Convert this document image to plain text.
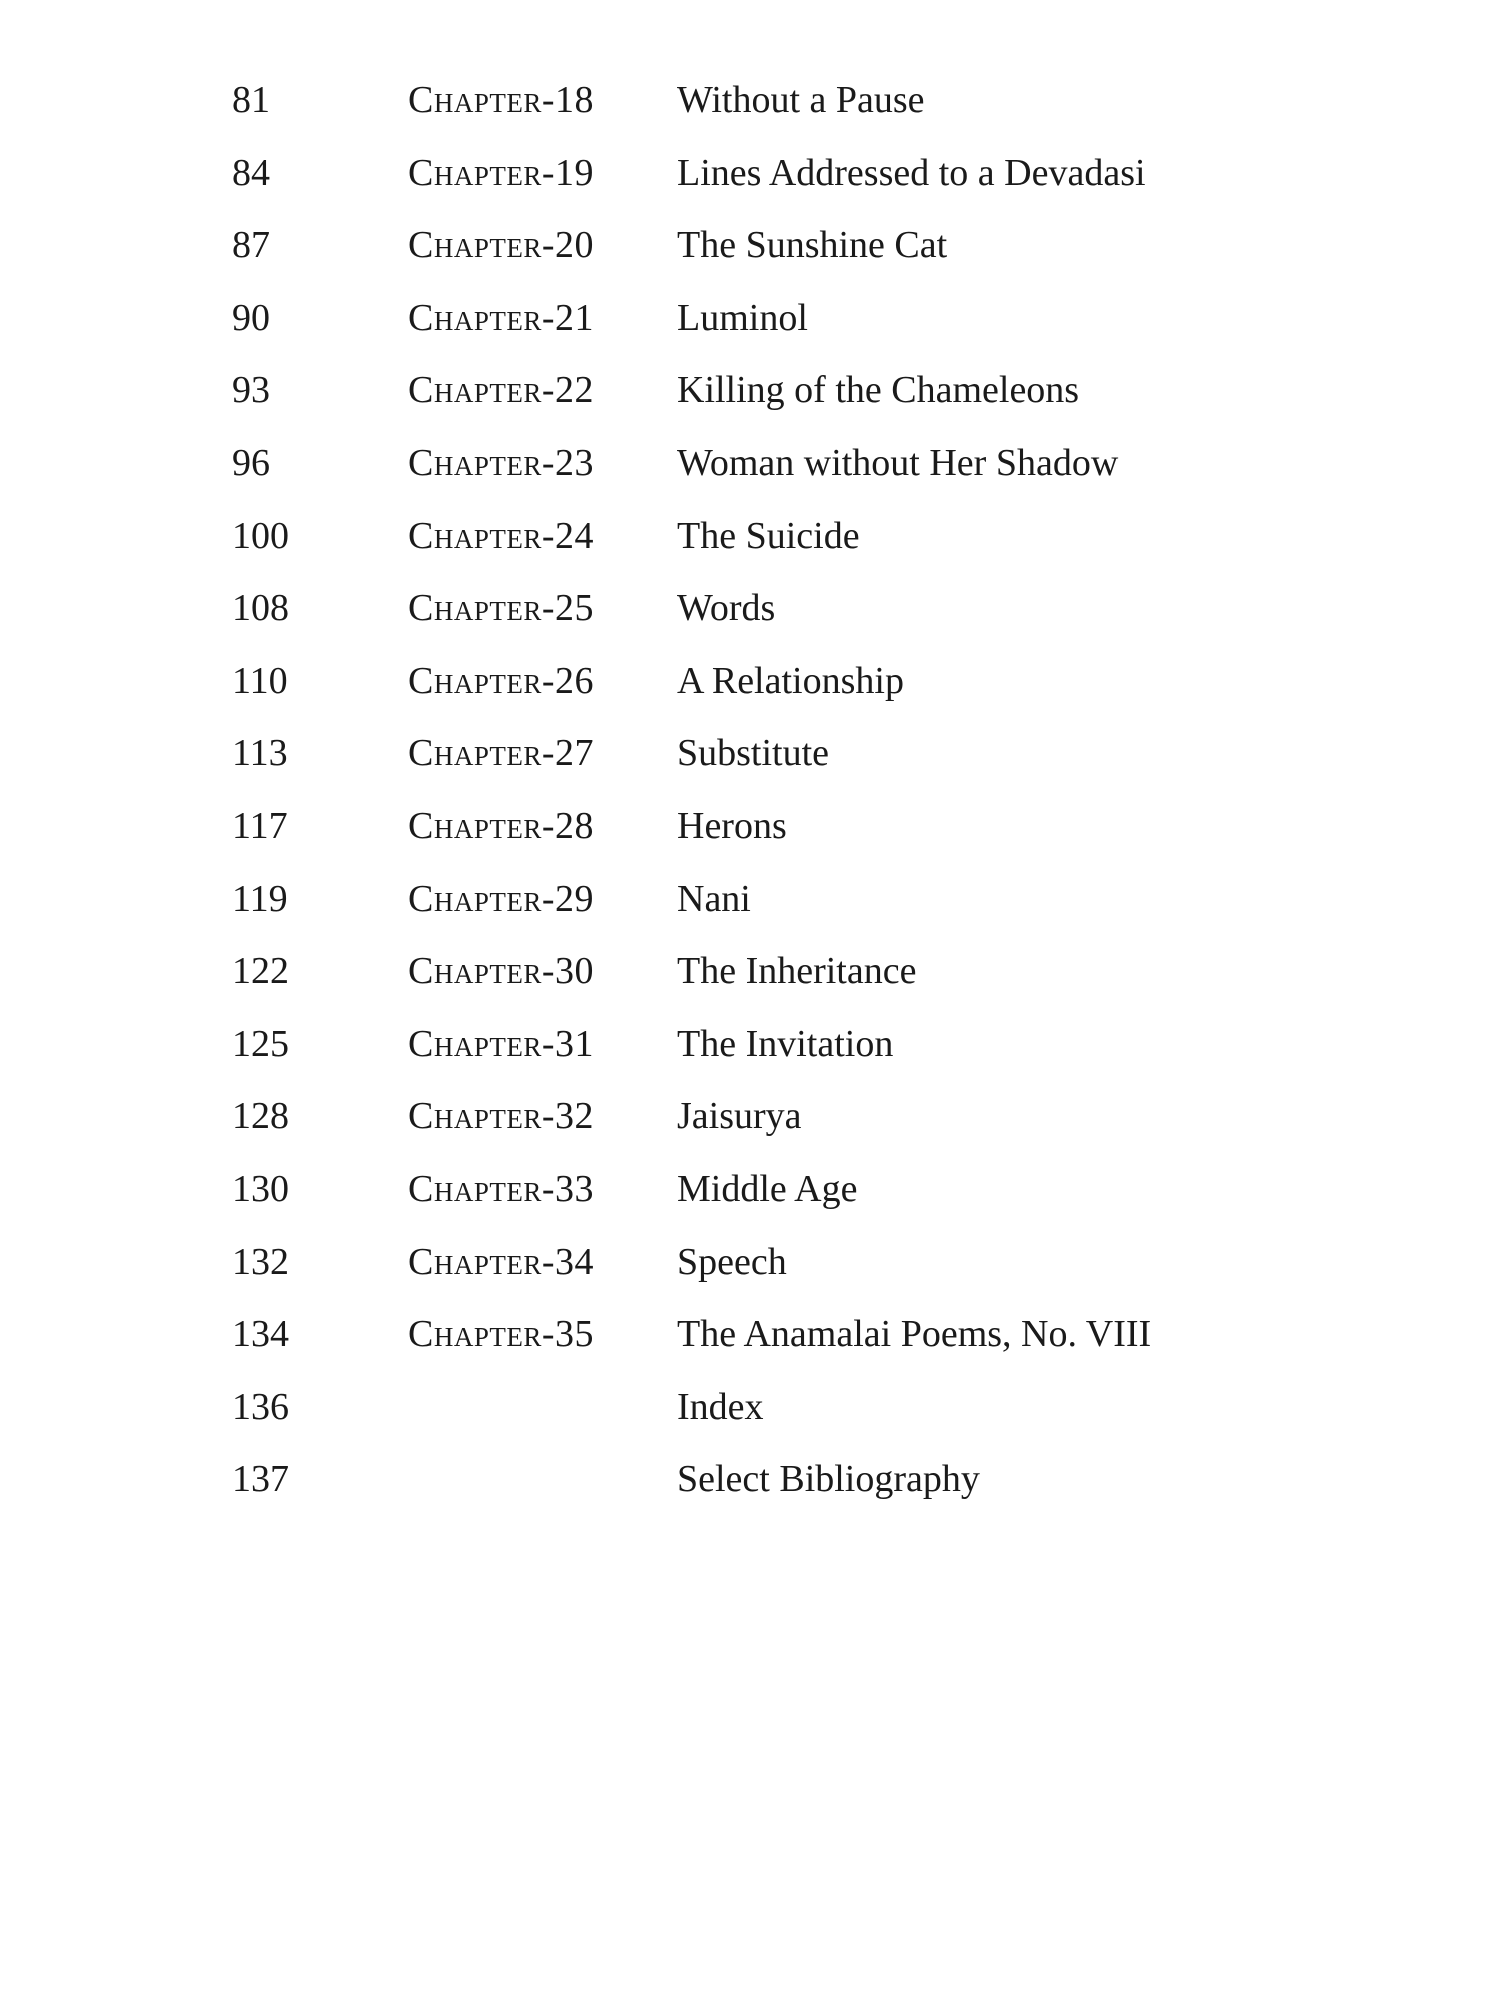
81	Chapter-18 Without a Pause
84	Chapter-19 Lines Addressed to a Devadasi
87	Chapter-20 The Sunshine Cat
90	Chapter-21 Luminol
93	Chapter-22 Killing of the Chameleons
96	Chapter-23 Woman without Her Shadow
100	Chapter-24 The Suicide
108	Chapter-25 Words
110	Chapter-26 A Relationship
113	Chapter-27 Substitute
117	Chapter-28 Herons
119	Chapter-29 Nani
122	Chapter-30 The Inheritance
125	Chapter-31 The Invitation
128	Chapter-32 Jaisurya
130	Chapter-33 Middle Age
132	Chapter-34 Speech
134	Chapter-35 The Anamalai Poems, No. VIII
136	Index
137	Select Bibliography
